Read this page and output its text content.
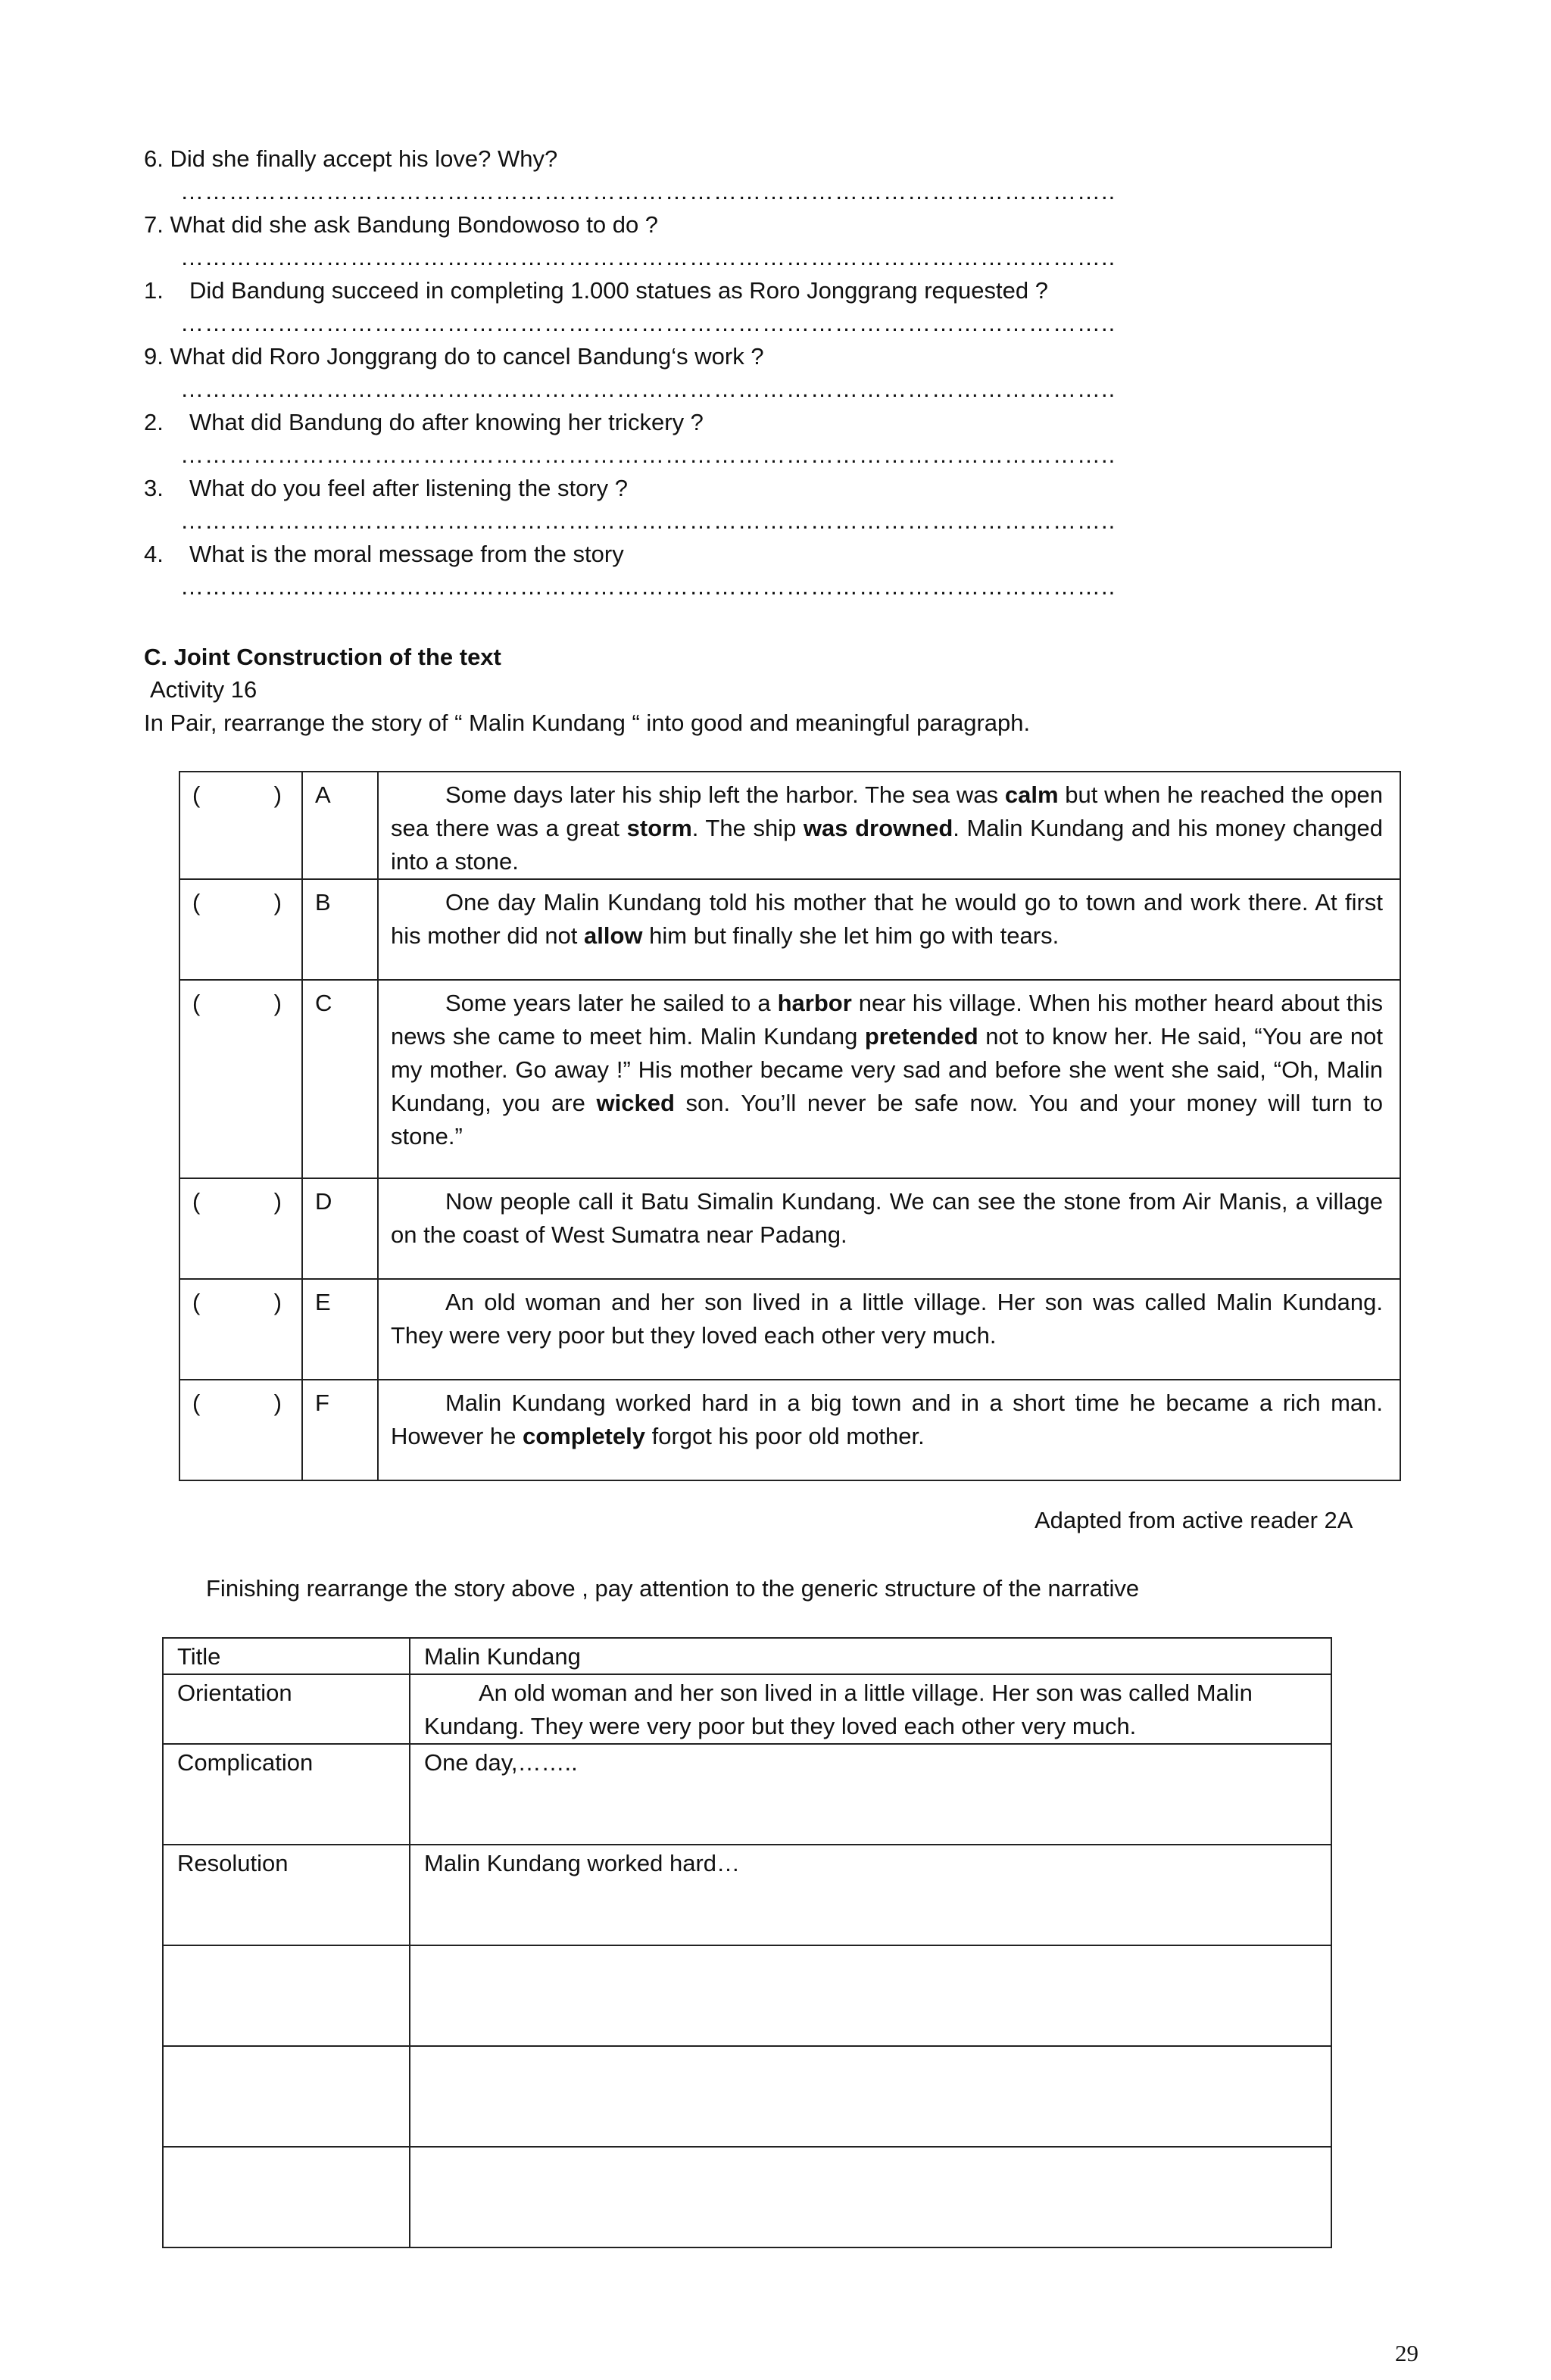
6. Did she finally accept his love? Why?
……………………………………………………………………………………………………..
7. What did she ask Bandung Bondowoso to do ?
……………………………………………………………………………………………………..
1. Did Bandung succeed in completing 1.000 statues as Roro Jonggrang requested ?
……………………………………………………………………………………………………..
9. What did Roro Jonggrang do to cancel Bandung‘s work ?
……………………………………………………………………………………………………..
2. What did Bandung do after knowing her trickery ?
……………………………………………………………………………………………………..
3. What do you feel after listening the story ?
……………………………………………………………………………………………………..
4. What is the moral message from the story
……………………………………………………………………………………………………..
C. Joint Construction of the text
Activity 16
In Pair, rearrange the story of “ Malin Kundang “ into good and meaningful paragraph.
( )	A	Some days later his ship left the harbor. The sea was calm but when he reached the open sea there was a great storm. The ship was drowned. Malin Kundang and his money changed into a stone.

( )	B	One day Malin Kundang told his mother that he would go to town and work there. At first his mother did not allow him but finally she let him go with tears.

( )	C	Some years later he sailed to a harbor near his village. When his mother heard about this news she came to meet him. Malin Kundang pretended not to know her. He said, “You are not my mother. Go away !” His mother became very sad and before she went she said, “Oh, Malin Kundang, you are wicked son. You’ll never be safe now. You and your money will turn to stone.”

( )	D	Now people call it Batu Simalin Kundang. We can see the stone from Air Manis, a village on the coast of West Sumatra near Padang.

( )	E	An old woman and her son lived in a little village. Her son was called Malin Kundang. They were very poor but they loved each other very much.

( )	F	Malin Kundang worked hard in a big town and in a short time he became a rich man. However he completely forgot his poor old mother.
Adapted from active reader 2A
Finishing rearrange the story above , pay attention to the generic structure of the narrative
Title	Malin Kundang
Orientation	An old woman and her son lived in a little village. Her son was called Malin Kundang. They were very poor but they loved each other very much.
Complication	One day,……..
Resolution	Malin Kundang worked hard…

29
